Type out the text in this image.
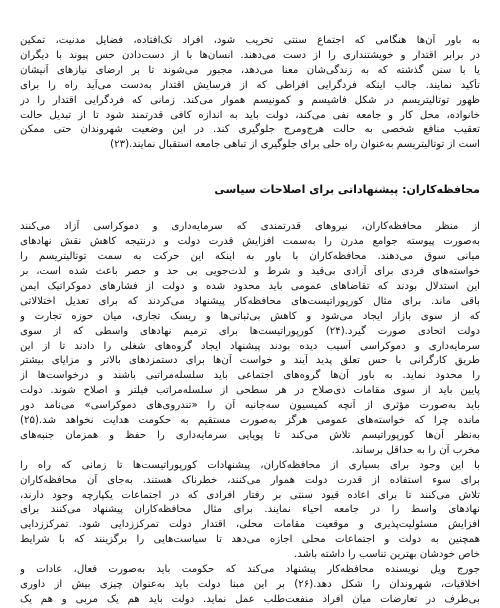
به باور آن‌ها هنگامی که اجتماع سنتی تخریب شود، افراد تک‌افتاده، فضایل مدنیت، تمکین
در برابر اقتدار و خویشتنداری را از دست می‌دهند. انسان‌ها با از دست‌دادن حس پیوند با دیگران
یا با سنن گذشته که به زندگی‌شان معنا می‌دهد، مجبور می‌شوند تا بر ارضای نیازهای آنیشان
تأکید نمایند. جالب اینکه فردگرایی افراطی که از فرسایش اقتدار به‌دست می‌آید راه را برای
ظهور توتالیتریسم در شکل فاشیسم و کمونیسم هموار می‌کند. زمانی که فردگرایی اقتدار را در
خانواده، محل کار و جامعه نفی می‌کند، دولت باید به اندازه کافی قدرتمند شود تا از تبدیل حالت
تعقیب منافع شخصی به حالت هرج‌ومرج جلوگیری کند. در این وضعیت شهروندان حتی ممکن
است از توتالیتریسم به‌عنوان راه حلی برای جلوگیری از تباهی جامعه استقبال نمایند.(۲۳)
محافظه‌کاران: پیشنهاداتی برای اصلاحات سیاسی
از منظر محافظه‌کاران، نیروهای قدرتمندی که سرمایه‌داری و دموکراسی آزاد می‌کنند
به‌صورت پیوسته جوامع مدرن را به‌سمت افزایش قدرت دولت و درنتیجه کاهش نقش نهادهای
میانی سوق می‌دهند. محافظه‌کاران با باور به اینکه این حرکت به سمت توتالیتریسم را
خواسته‌های فردی برای آزادی بی‌قید و شرط و لذت‌جویی بی حد و حصر باعث شده است، بر
این استدلال بودند که تقاضاهای عمومی باید محدود شده و دولت از فشارهای دموکراتیک ایمن
باقی ماند. برای مثال کورپوراتیست‌های محافظه‌کار پیشنهاد می‌کردند که برای تعدیل اختلالاتی
که از سوی بازار ایجاد می‌شود و کاهش بی‌ثباتی‌ها و ریسک تجاری، میان حوزه تجارت و
دولت اتحادی صورت گیرد.(۲۴) کورپوراتیست‌ها برای ترمیم نهادهای واسطی که از سوی
سرمایه‌داری و دموکراسی آسیب دیده بودند پیشنهاد ایجاد گروه‌های شغلی را دادند تا از این
طریق کارگرانی با حس تعلق پدید آیند و خواست آن‌ها برای دستمزدهای بالاتر و مزایای بیشتر
را محدود نماید. به باور آن‌ها گروه‌های اجتماعی باید سلسله‌مراتبی باشند و درخواست‌ها از
پایین باید از سوی مقامات ذی‌صلاح در هر سطحی از سلسله‌مراتب فیلتر و اصلاح شوند. دولت
باید به‌صورت مؤثری از آنچه کمیسیون سه‌جانبه آن را «تندروی‌های دموکراسی» می‌نامد دور
مانده چرا که خواسته‌های عمومی هرگز به‌صورت مستقیم به حکومت هدایت نخواهد شد.(۲۵)
به‌نظر آن‌ها کورپوراتیسم تلاش می‌کند تا پویایی سرمایه‌داری را حفظ و همزمان جنبه‌های
مخرب آن را به حداقل برساند.
با این وجود برای بسیاری از محافظه‌کاران، پیشنهادات کورپوراتیست‌ها تا زمانی که راه را
برای سوء استفاده از قدرت دولت هموار می‌کنند، خطرناک هستند. به‌جای آن محافظه‌کاران
تلاش می‌کنند تا برای اعاده قیود سنتی بر رفتار افرادی که در اجتماعات یکپارچه وجود دارند،
نهادهای واسط را در جامعه احیاء نمایند. برای مثال محافظه‌کاران پیشنهاد می‌کنند برای
افزایش مسئولیت‌پذیری و موقعیت مقامات محلی، اقتدار دولت تمرکززدایی شود. تمرکززدایی
همچنین به دولت و اجتماعات محلی اجازه می‌دهد تا سیاست‌هایی را برگزینند که با شرایط
خاص خودشان بهترین تناسب را داشته باشد.
جورج ویل نویسنده محافظه‌کار پیشنهاد می‌کند که حکومت باید به‌صورت فعال، عادات و
اخلاقیات، شهروندان را شکل دهد.(۲۶) بر این مبنا دولت باید به‌عنوان چیزی بیش از داوری
بی‌طرف در تعارضات میان افراد منفعت‌طلب عمل نماید. دولت باید هم یک مربی و هم یک
